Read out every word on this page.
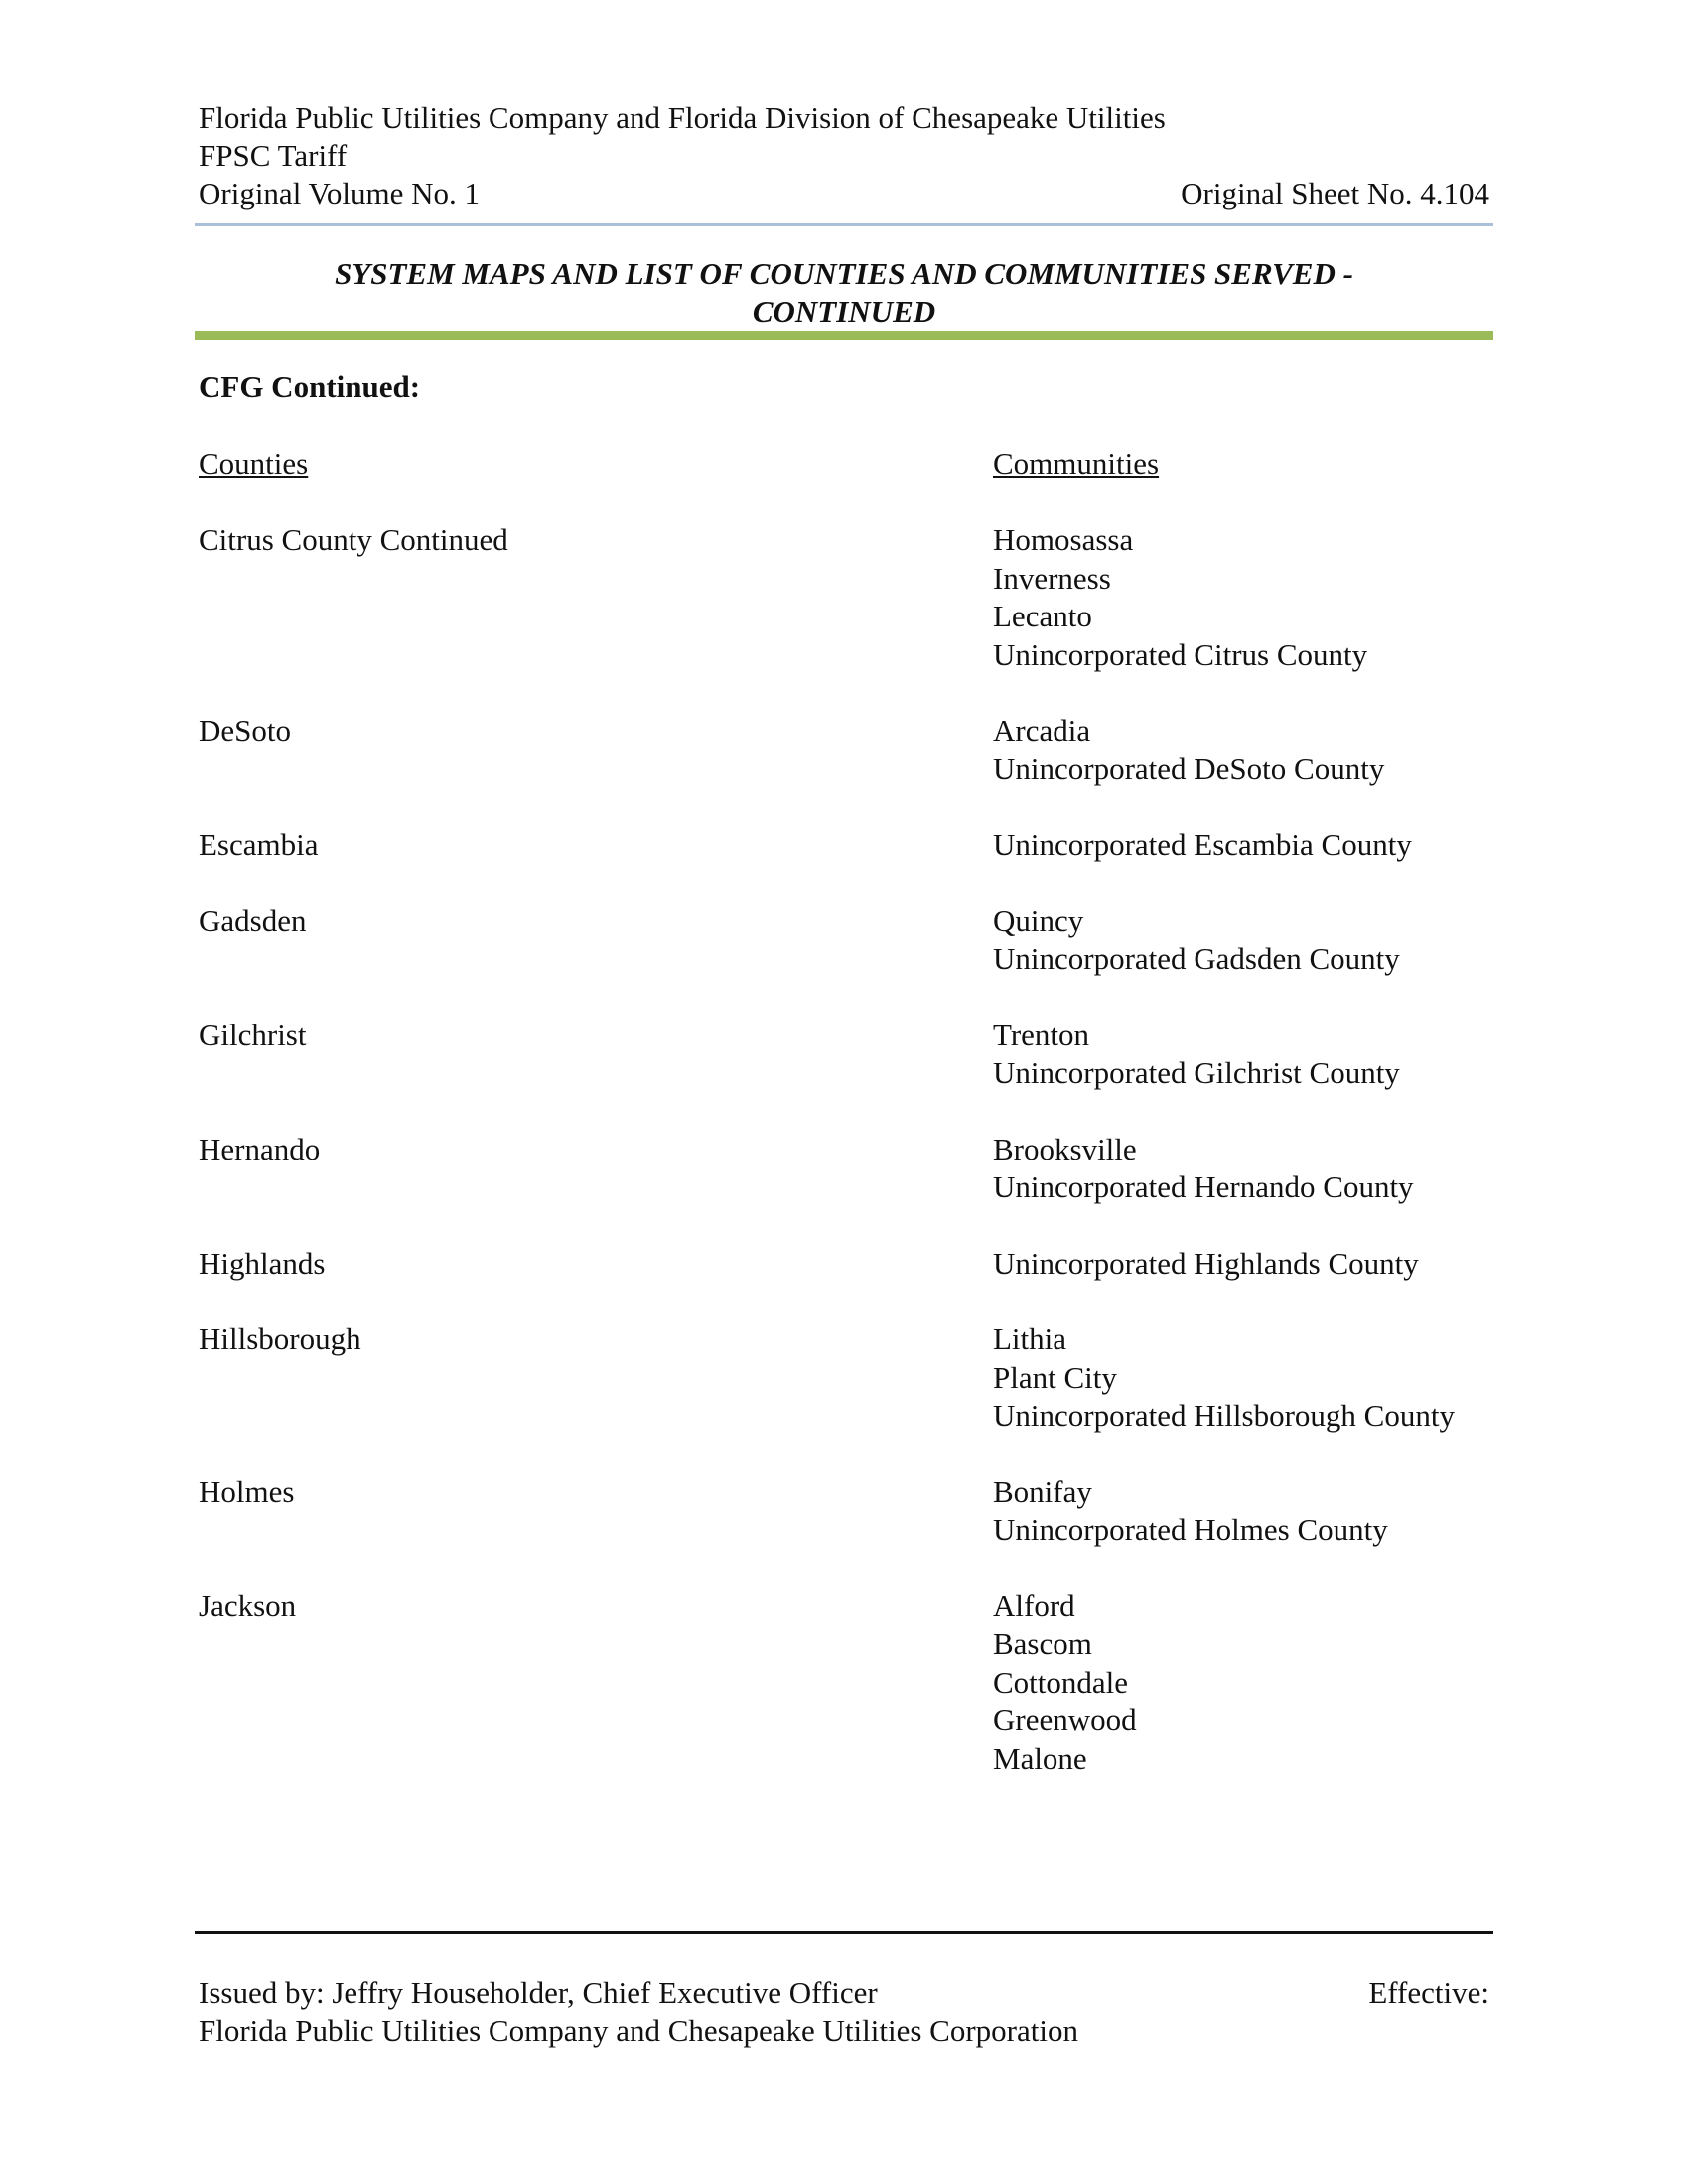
Florida Public Utilities Company and Florida Division of Chesapeake Utilities
FPSC Tariff
Original Volume No. 1	Original Sheet No. 4.104
SYSTEM MAPS AND LIST OF COUNTIES AND COMMUNITIES SERVED -
CONTINUED
CFG Continued:
Counties	Communities
Citrus County Continued	Homosassa
Inverness
Lecanto
Unincorporated Citrus County
DeSoto	Arcadia
Unincorporated DeSoto County
Escambia	Unincorporated Escambia County
Gadsden	Quincy
Unincorporated Gadsden County
Gilchrist	Trenton
Unincorporated Gilchrist County
Hernando	Brooksville
Unincorporated Hernando County
Highlands	Unincorporated Highlands County
Hillsborough	Lithia
Plant City
Unincorporated Hillsborough County
Holmes	Bonifay
Unincorporated Holmes County
Jackson	Alford
Bascom
Cottondale
Greenwood
Malone
Issued by: Jeffry Householder, Chief Executive Officer
Florida Public Utilities Company and Chesapeake Utilities Corporation
Effective:
